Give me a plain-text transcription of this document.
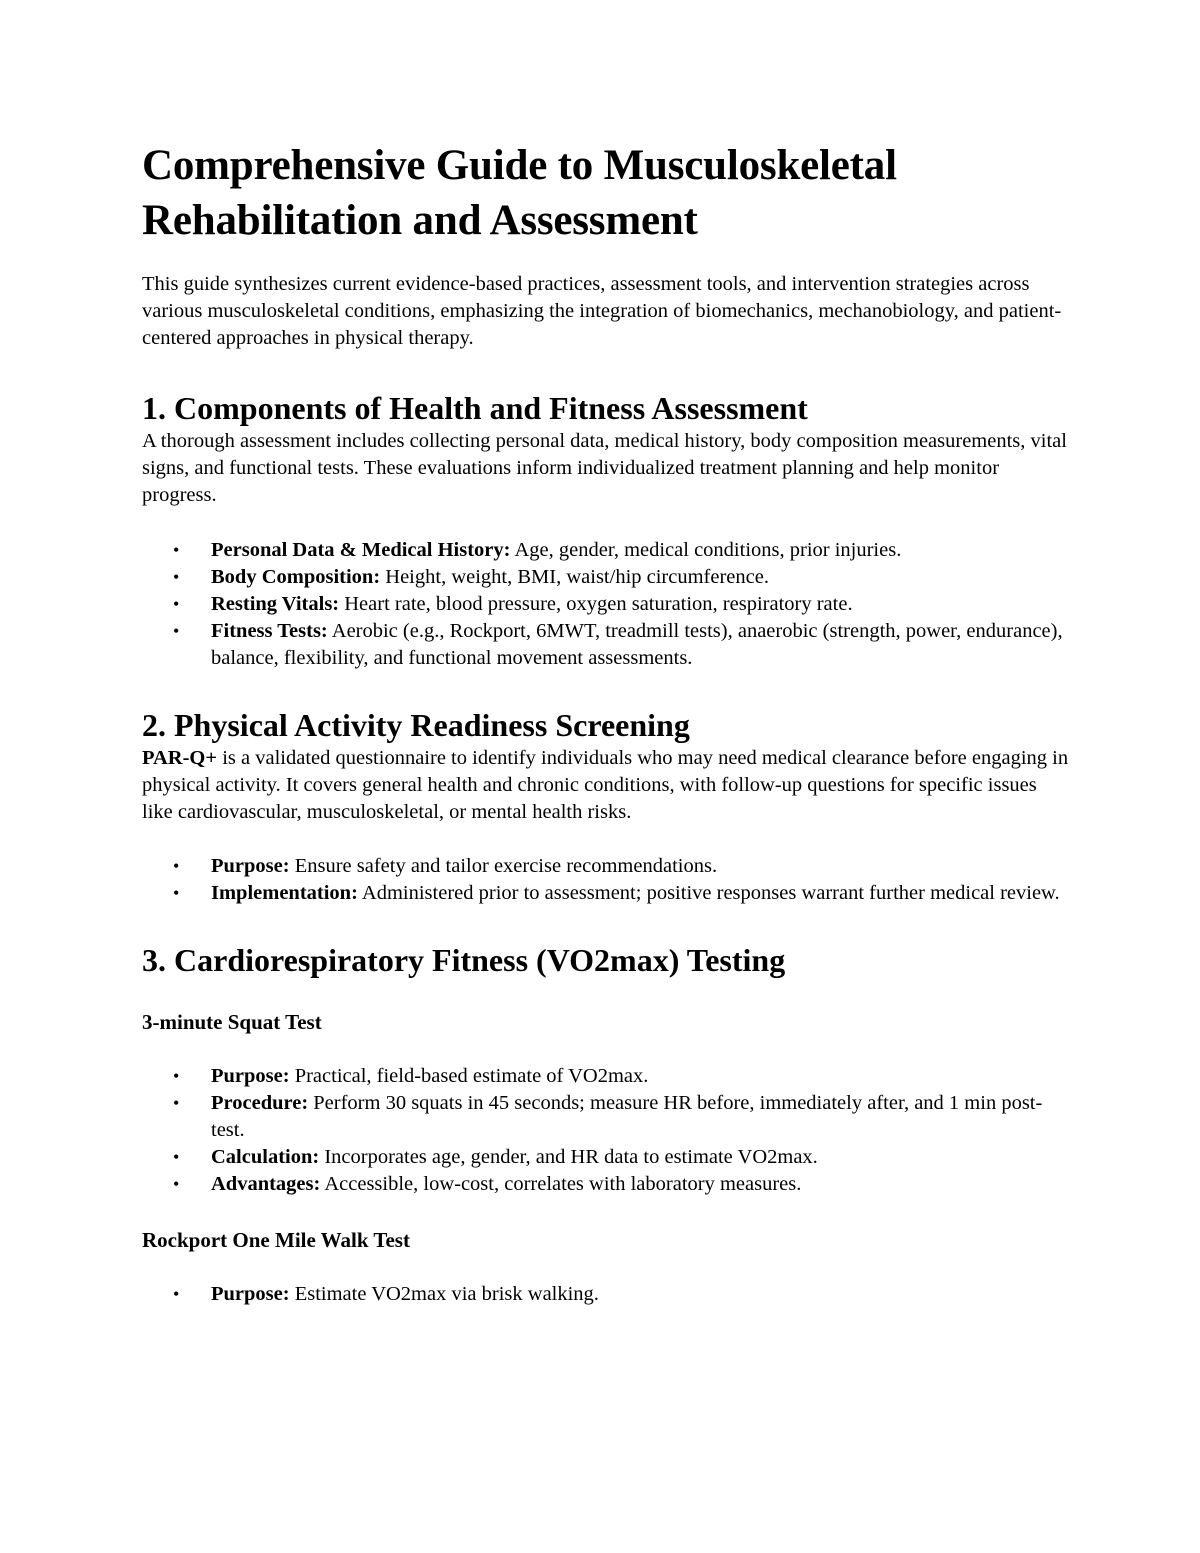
Comprehensive Guide to Musculoskeletal Rehabilitation and Assessment

This guide synthesizes current evidence-based practices, assessment tools, and intervention strategies across various musculoskeletal conditions, emphasizing the integration of biomechanics, mechanobiology, and patient-centered approaches in physical therapy.

1. Components of Health and Fitness Assessment

A thorough assessment includes collecting personal data, medical history, body composition measurements, vital signs, and functional tests. These evaluations inform individualized treatment planning and help monitor progress.

• Personal Data & Medical History: Age, gender, medical conditions, prior injuries.
• Body Composition: Height, weight, BMI, waist/hip circumference.
• Resting Vitals: Heart rate, blood pressure, oxygen saturation, respiratory rate.
• Fitness Tests: Aerobic (e.g., Rockport, 6MWT, treadmill tests), anaerobic (strength, power, endurance), balance, flexibility, and functional movement assessments.
2. Physical Activity Readiness Screening

PAR-Q+ is a validated questionnaire to identify individuals who may need medical clearance before engaging in physical activity. It covers general health and chronic conditions, with follow-up questions for specific issues like cardiovascular, musculoskeletal, or mental health risks.

• Purpose: Ensure safety and tailor exercise recommendations.
• Implementation: Administered prior to assessment; positive responses warrant further medical review.
3. Cardiorespiratory Fitness (VO2max) Testing
3-minute Squat Test
• Purpose: Practical, field-based estimate of VO2max.
• Procedure: Perform 30 squats in 45 seconds; measure HR before, immediately after, and 1 min post-test.
• Calculation: Incorporates age, gender, and HR data to estimate VO2max.
• Advantages: Accessible, low-cost, correlates with laboratory measures.
Rockport One Mile Walk Test
• Purpose: Estimate VO2max via brisk walking.
